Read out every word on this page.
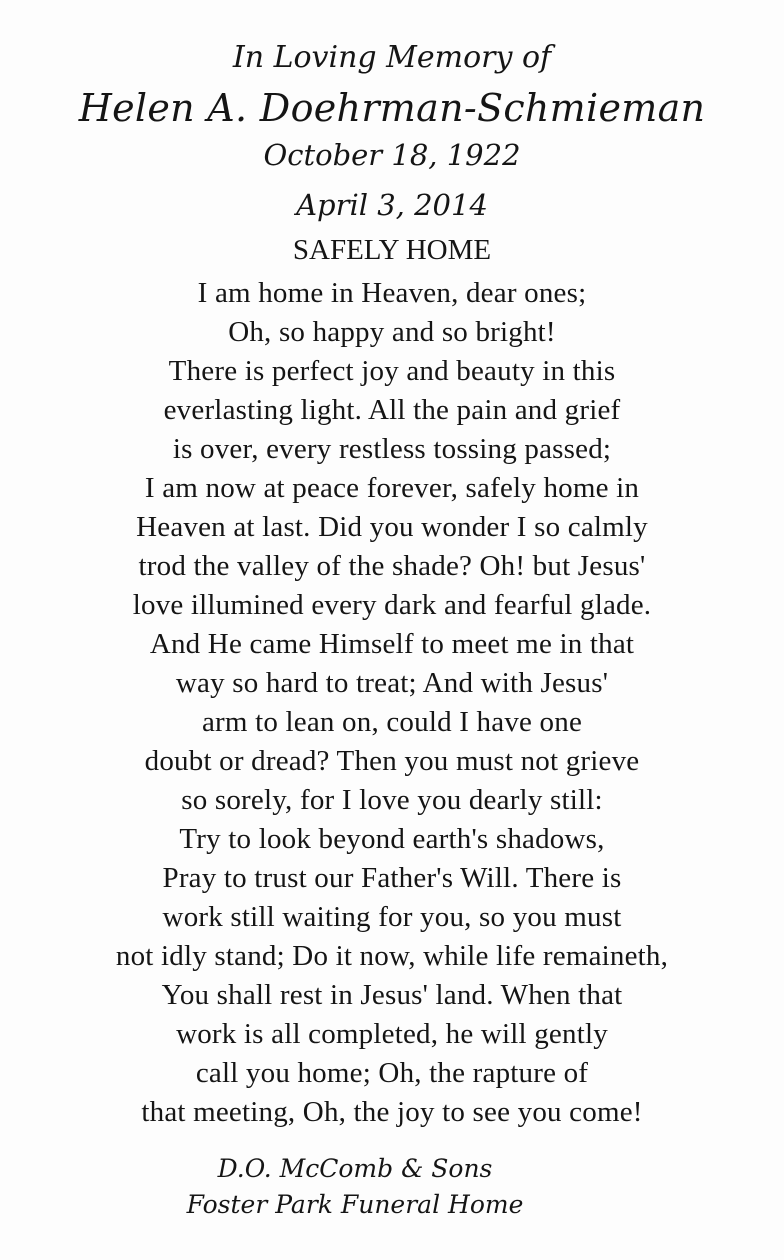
In Loving Memory of
Helen A. Doehrman-Schmieman
October 18, 1922
April 3, 2014
SAFELY HOME
I am home in Heaven, dear ones;
Oh, so happy and so bright!
There is perfect joy and beauty in this
everlasting light. All the pain and grief
is over, every restless tossing passed;
I am now at peace forever, safely home in
Heaven at last. Did you wonder I so calmly
trod the valley of the shade? Oh! but Jesus'
love illumined every dark and fearful glade.
And He came Himself to meet me in that
way so hard to treat; And with Jesus'
arm to lean on, could I have one
doubt or dread? Then you must not grieve
so sorely, for I love you dearly still:
Try to look beyond earth's shadows,
Pray to trust our Father's Will. There is
work still waiting for you, so you must
not idly stand; Do it now, while life remaineth,
You shall rest in Jesus' land. When that
work is all completed, he will gently
call you home; Oh, the rapture of
that meeting, Oh, the joy to see you come!
D.O. McComb & Sons
Foster Park Funeral Home
